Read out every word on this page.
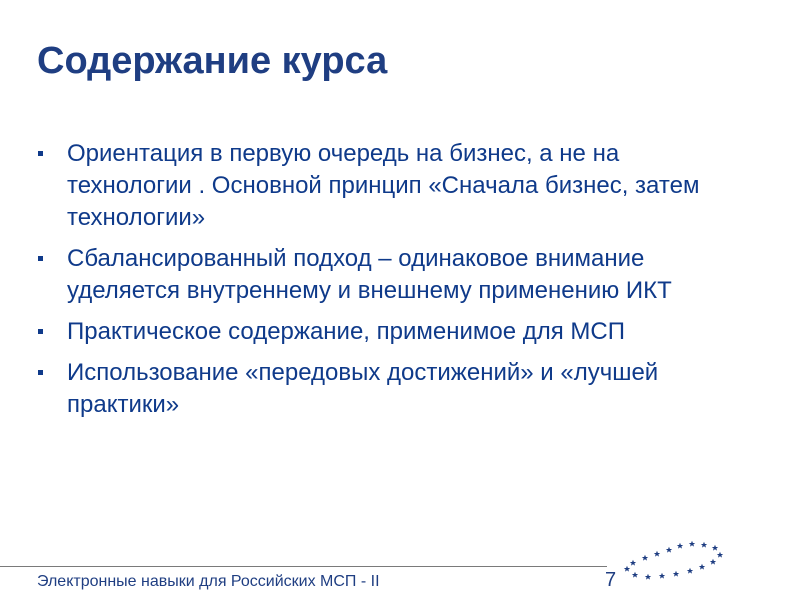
Содержание курса
Ориентация в первую очередь на бизнес, а не на технологии . Основной принцип «Сначала бизнес, затем технологии»
Сбалансированный подход – одинаковое внимание уделяется внутреннему и внешнему применению ИКТ
Практическое содержание, применимое для МСП
Использование «передовых достижений» и «лучшей практики»
Электронные навыки для Российских МСП - II	7
